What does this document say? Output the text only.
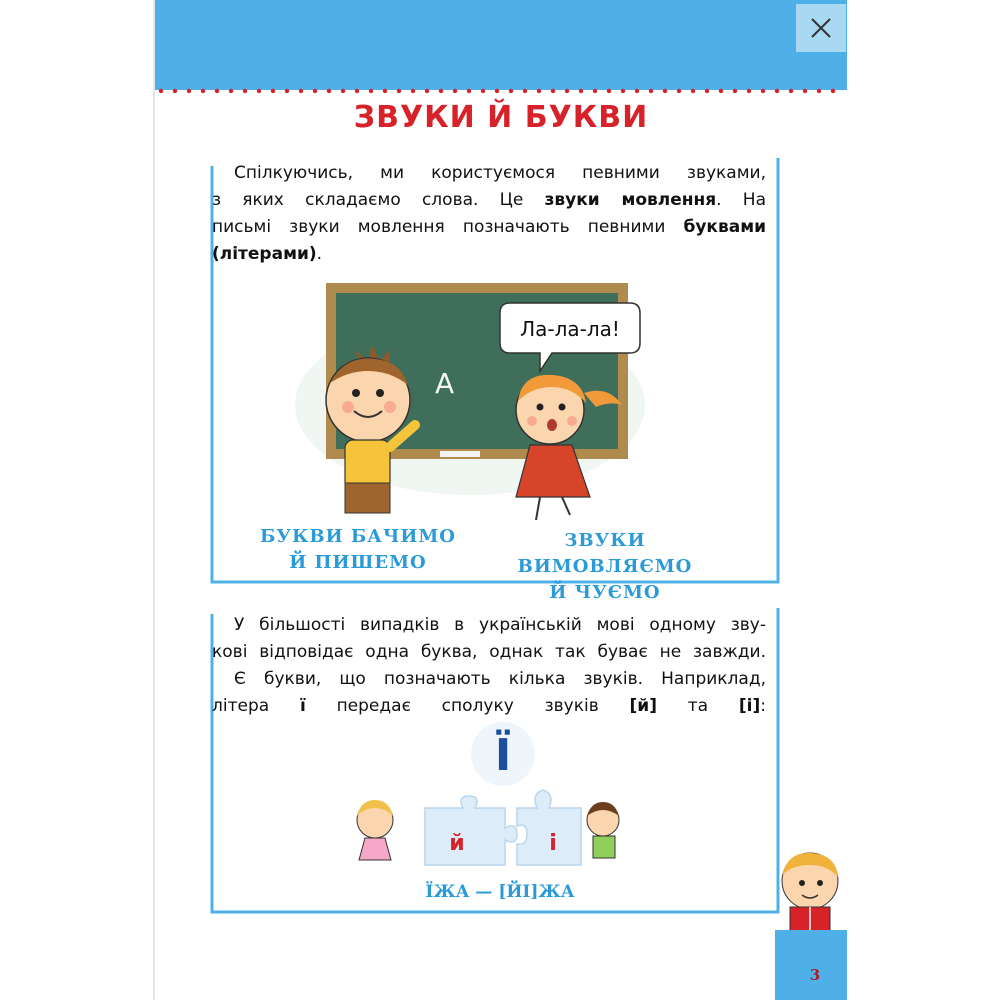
ЗВУКИ Й БУКВИ
Спілкуючись, ми користуємося певними звуками,
з яких складаємо слова. Це звуки мовлення. На
письмі звуки мовлення позначають певними буквами
(літерами).
А
Ла-ла-ла!
БУКВИ БАЧИМО
Й ПИШЕМО
ЗВУКИ ВИМОВЛЯЄМО
Й ЧУЄМО
У більшості випадків в українській мові одному зву-
кові відповідає одна буква, однак так буває не завжди.
Є букви, що позначають кілька звуків. Наприклад,
літера ї передає сполуку звуків [й] та [і]:
Ї
й	і
ЇЖА — [ЙІ]ЖА
3
